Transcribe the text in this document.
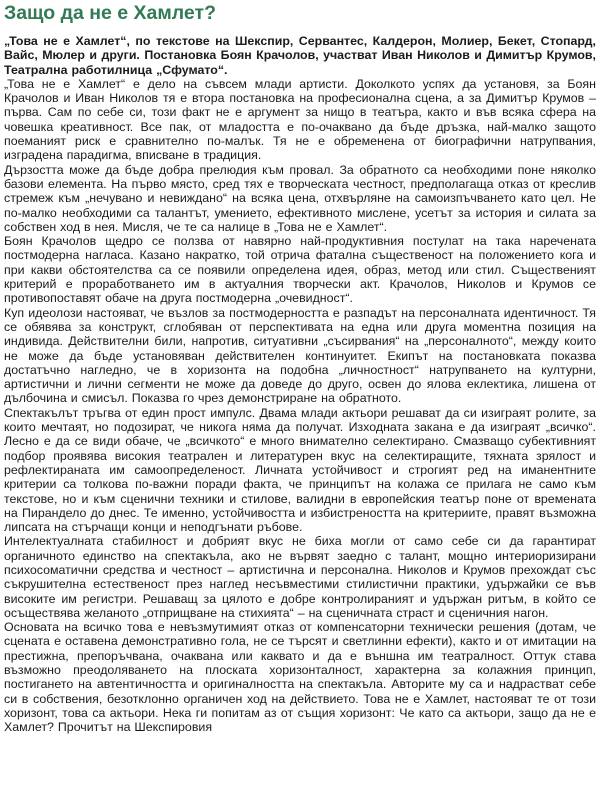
Защо да не е Хамлет?

„Това не е Хамлет“, по текстове на Шекспир, Сервантес, Калдерон, Молиер, Бекет, Стопард, Вайс, Мюлер и други. Постановка Боян Крачолов, участват Иван Николов и Димитър Крумов, Театрална работилница „Сфумато“.

„Това не е Хамлет“ е дело на съвсем млади артисти. Доколкото успях да установя, за Боян Крачолов и Иван Николов тя е втора постановка на професионална сцена, а за Димитър Крумов – първа. Сам по себе си, този факт не е аргумент за нищо в театъра, както и във всяка сфера на човешка креативност. Все пак, от младостта е по-очаквано да бъде дръзка, най-малко защото поеманият риск е сравнително по-малък. Тя не е обременена от биографични натрупвания, изградена парадигма, вписване в традиция.

Дързостта може да бъде добра прелюдия към провал. За обратното са необходими поне няколко базови елемента. На първо място, сред тях е творческата честност, предполагаща отказ от креслив стремеж към „нечувано и невиждано“ на всяка цена, отхвърляне на самоизпъчването като цел. Не по-малко необходими са талантът, умението, ефективното мислене, усетът за история и силата за собствен ход в нея. Мисля, че те са налице в „Това не е Хамлет“.

Боян Крачолов щедро се ползва от навярно най-продуктивния постулат на така наречената постмодерна нагласа. Казано накратко, той отрича фатална същественост на положението кога и при какви обстоятелства са се появили определена идея, образ, метод или стил. Същественият критерий е проработването им в актуалния творчески акт. Крачолов, Николов и Крумов се противопоставят обаче на друга постмодерна „очевидност“.

Куп идеолози настояват, че възлов за постмодерността е разпадът на персоналната идентичност. Тя се обявява за конструкт, сглобяван от перспективата на една или друга моментна позиция на индивида. Действителни били, напротив, ситуативни „съсирвания“ на „персоналното“, между които не може да бъде установяван действителен континуитет. Екипът на постановката показва достатъчно нагледно, че в хоризонта на подобна „личностност“ натрупването на културни, артистични и лични сегменти не може да доведе до друго, освен до ялова еклектика, лишена от дълбочина и смисъл. Показва го чрез демонстриране на обратното.

Спектакълът тръгва от един прост импулс. Двама млади актьори решават да си изиграят ролите, за които мечтаят, но подозират, че никога няма да получат. Изходната закана е да изиграят „всичко“. Лесно е да се види обаче, че „всичкото“ е много внимателно селектирано. Смазващо субективният подбор проявява високия театрален и литературен вкус на селектиращите, тяхната зрялост и рефлектираната им самоопределеност. Личната устойчивост и строгият ред на иманентните критерии са толкова по-важни поради факта, че принципът на колажа се прилага не само към текстове, но и към сценични техники и стилове, валидни в европейския театър поне от времената на Пирандело до днес. Те именно, устойчивостта и избистреността на критериите, правят възможна липсата на стърчащи конци и неподгънати ръбове.

Интелектуалната стабилност и добрият вкус не биха могли от само себе си да гарантират органичното единство на спектакъла, ако не вървят заедно с талант, мощно интериоризирани психосоматични средства и честност – артистична и персонална. Николов и Крумов прехождат със съкрушителна естественост през наглед несъвместими стилистични практики, удържайки се във високите им регистри. Решаващ за цялото е добре контролираният и удържан ритъм, в който се осъществява желаното „отприщване на стихията“ – на сценичната страст и сценичния нагон.

Основата на всичко това е невъзмутимият отказ от компенсаторни технически решения (дотам, че сцената е оставена демонстративно гола, не се търсят и светлинни ефекти), както и от имитации на престижна, препоръчвана, очаквана или каквато и да е външна им театралност. Оттук става възможно преодоляването на плоската хоризонталност, характерна за колажния принцип, постигането на автентичността и оригиналността на спектакъла. Авторите му са и надрастват себе си в собствения, безотклонно органичен ход на действието. Това не е Хамлет, настояват те от този хоризонт, това са актьори. Нека ги попитам аз от същия хоризонт: Че като са актьори, защо да не е Хамлет? Прочитът на Шекспировия
